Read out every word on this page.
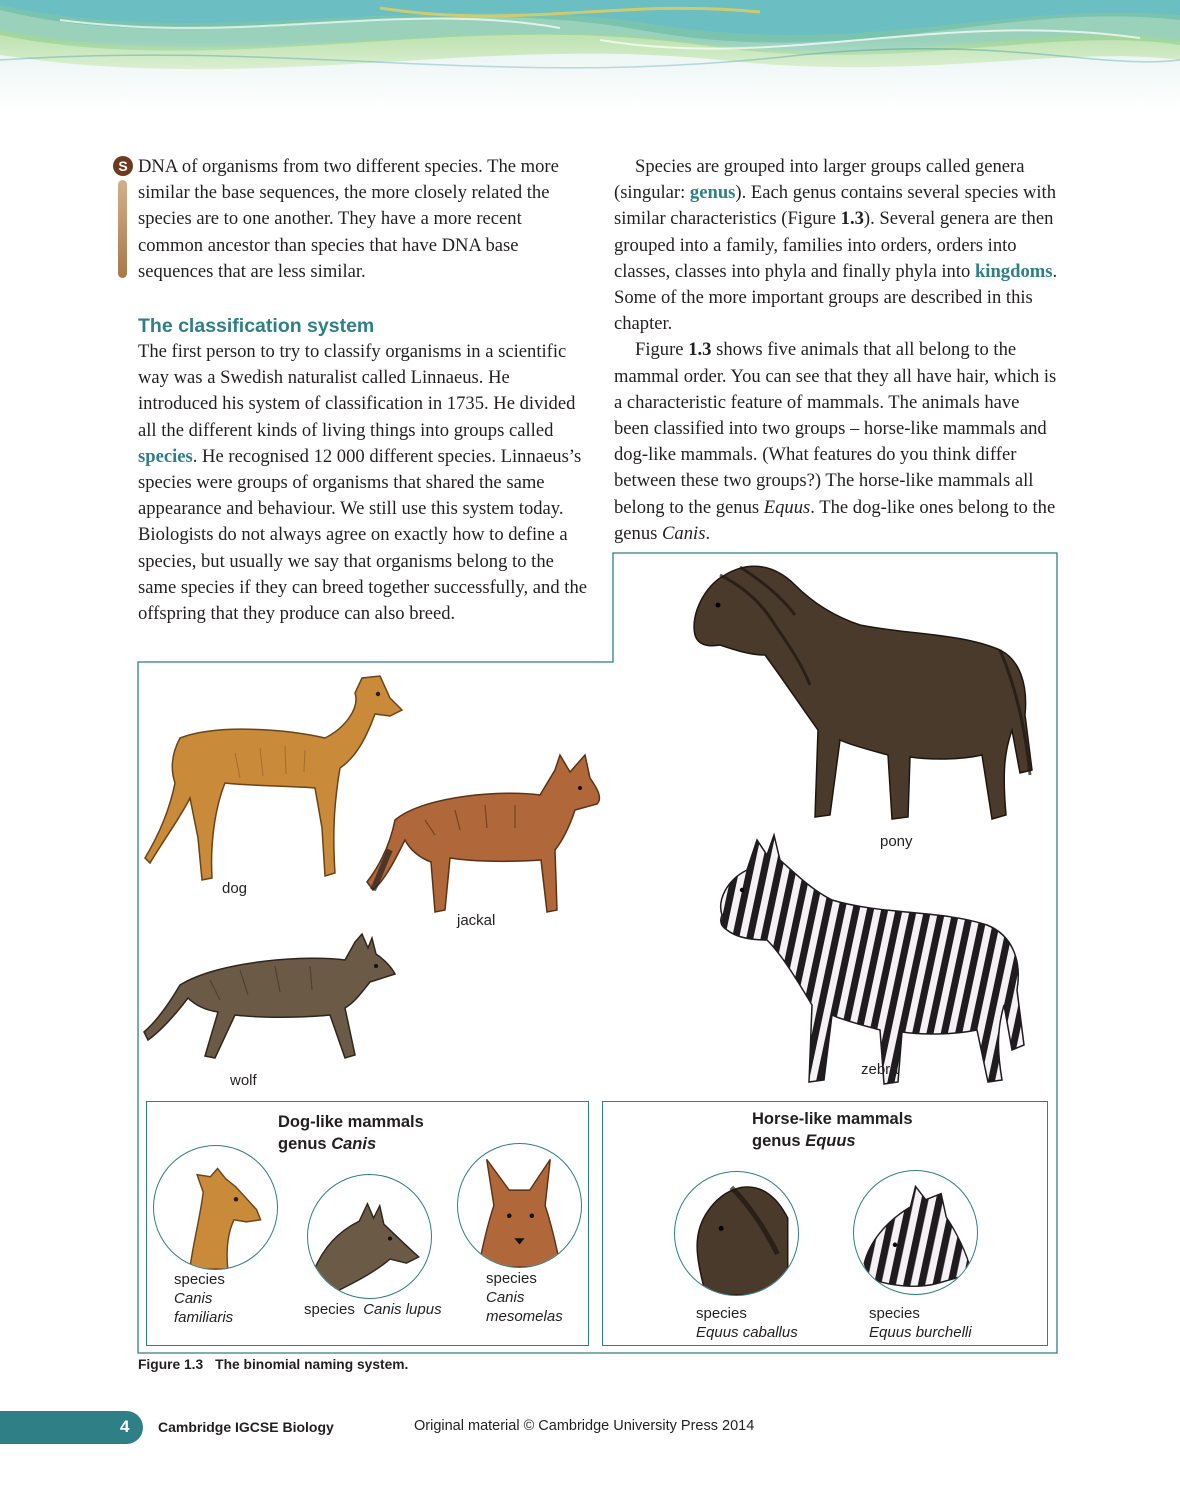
S DNA of organisms from two different species. The more similar the base sequences, the more closely related the species are to one another. They have a more recent common ancestor than species that have DNA base sequences that are less similar.

The classification system

The first person to try to classify organisms in a scientific way was a Swedish naturalist called Linnaeus. He introduced his system of classification in 1735. He divided all the different kinds of living things into groups called species. He recognised 12 000 different species. Linnaeus’s species were groups of organisms that shared the same appearance and behaviour. We still use this system today. Biologists do not always agree on exactly how to define a species, but usually we say that organisms belong to the same species if they can breed together successfully, and the offspring that they produce can also breed.

Species are grouped into larger groups called genera (singular: genus). Each genus contains several species with similar characteristics (Figure 1.3). Several genera are then grouped into a family, families into orders, orders into classes, classes into phyla and finally phyla into kingdoms. Some of the more important groups are described in this chapter.

Figure 1.3 shows five animals that all belong to the mammal order. You can see that they all have hair, which is a characteristic feature of mammals. The animals have been classified into two groups – horse-like mammals and dog-like mammals. (What features do you think differ between these two groups?) The horse-like mammals all belong to the genus Equus. The dog-like ones belong to the genus Canis.

dog
jackal
wolf
pony
zebra
Dog-like mammals
genus Canis
species
Canis
familiaris	species Canis lupus
species
Canis
mesomelas
Horse-like mammals
genus Equus
species
Equus caballus
species
Equus burchelli
Figure 1.3 The binomial naming system.
4 Cambridge IGCSE Biology	Original material © Cambridge University Press 2014
